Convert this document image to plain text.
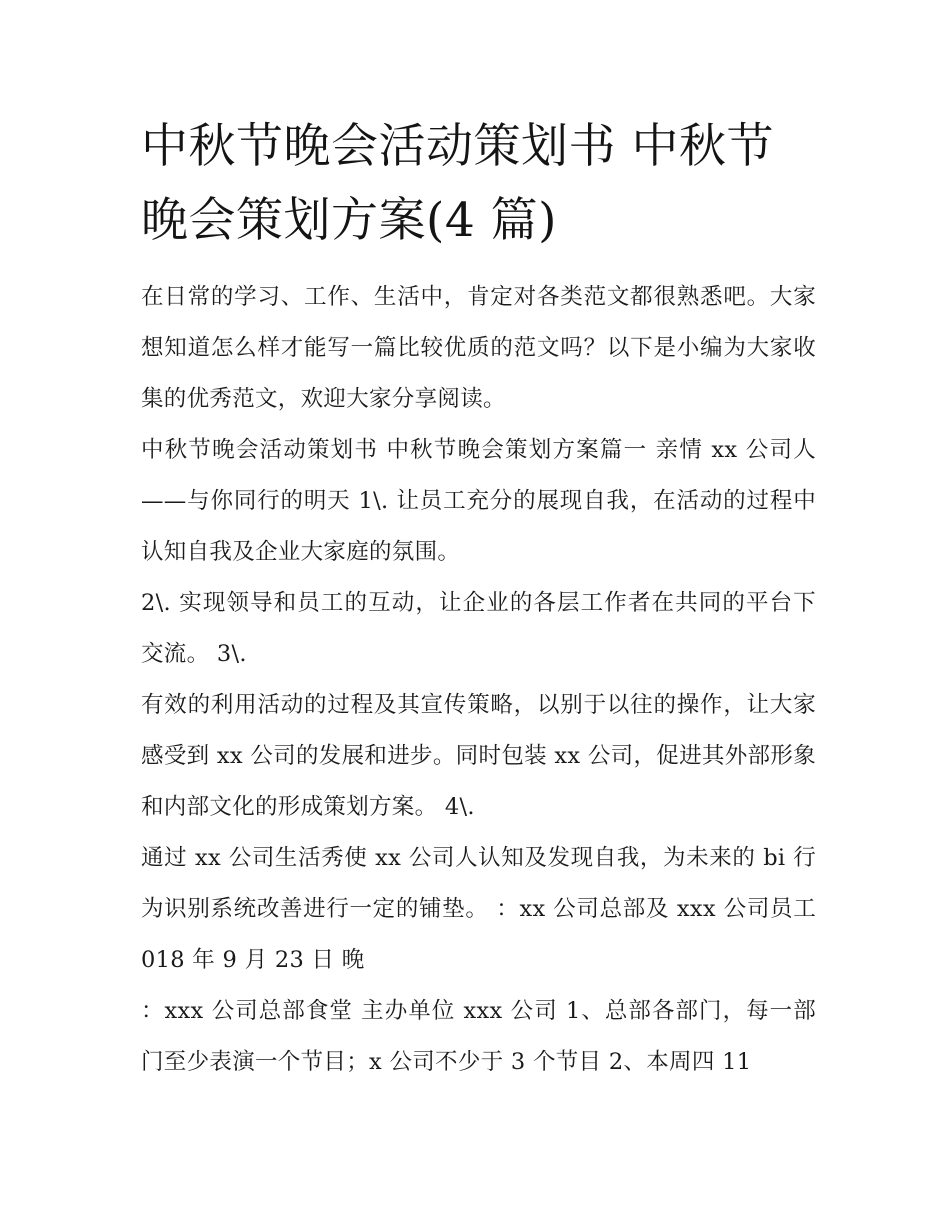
中秋节晚会活动策划书 中秋节晚会策划方案(4 篇)

在日常的学习、工作、生活中，肯定对各类范文都很熟悉吧。大家想知道怎么样才能写一篇比较优质的范文吗？以下是小编为大家收集的优秀范文，欢迎大家分享阅读。

中秋节晚会活动策划书 中秋节晚会策划方案篇一 亲情 xx 公司人——与你同行的明天 1\. 让员工充分的展现自我，在活动的过程中认知自我及企业大家庭的氛围。

2\. 实现领导和员工的互动，让企业的各层工作者在共同的平台下交流。 3\.

有效的利用活动的过程及其宣传策略，以别于以往的操作，让大家感受到 xx 公司的发展和进步。同时包装 xx 公司，促进其外部形象和内部文化的形成策划方案。 4\.

通过 xx 公司生活秀使 xx 公司人认知及发现自我，为未来的 bi 行为识别系统改善进行一定的铺垫。 ：xx 公司总部及 xxx 公司员工 018 年 9 月 23 日 晚

：xxx 公司总部食堂 主办单位 xxx 公司 1、总部各部门，每一部门至少表演一个节目；x 公司不少于 3 个节目 2、本周四 11
